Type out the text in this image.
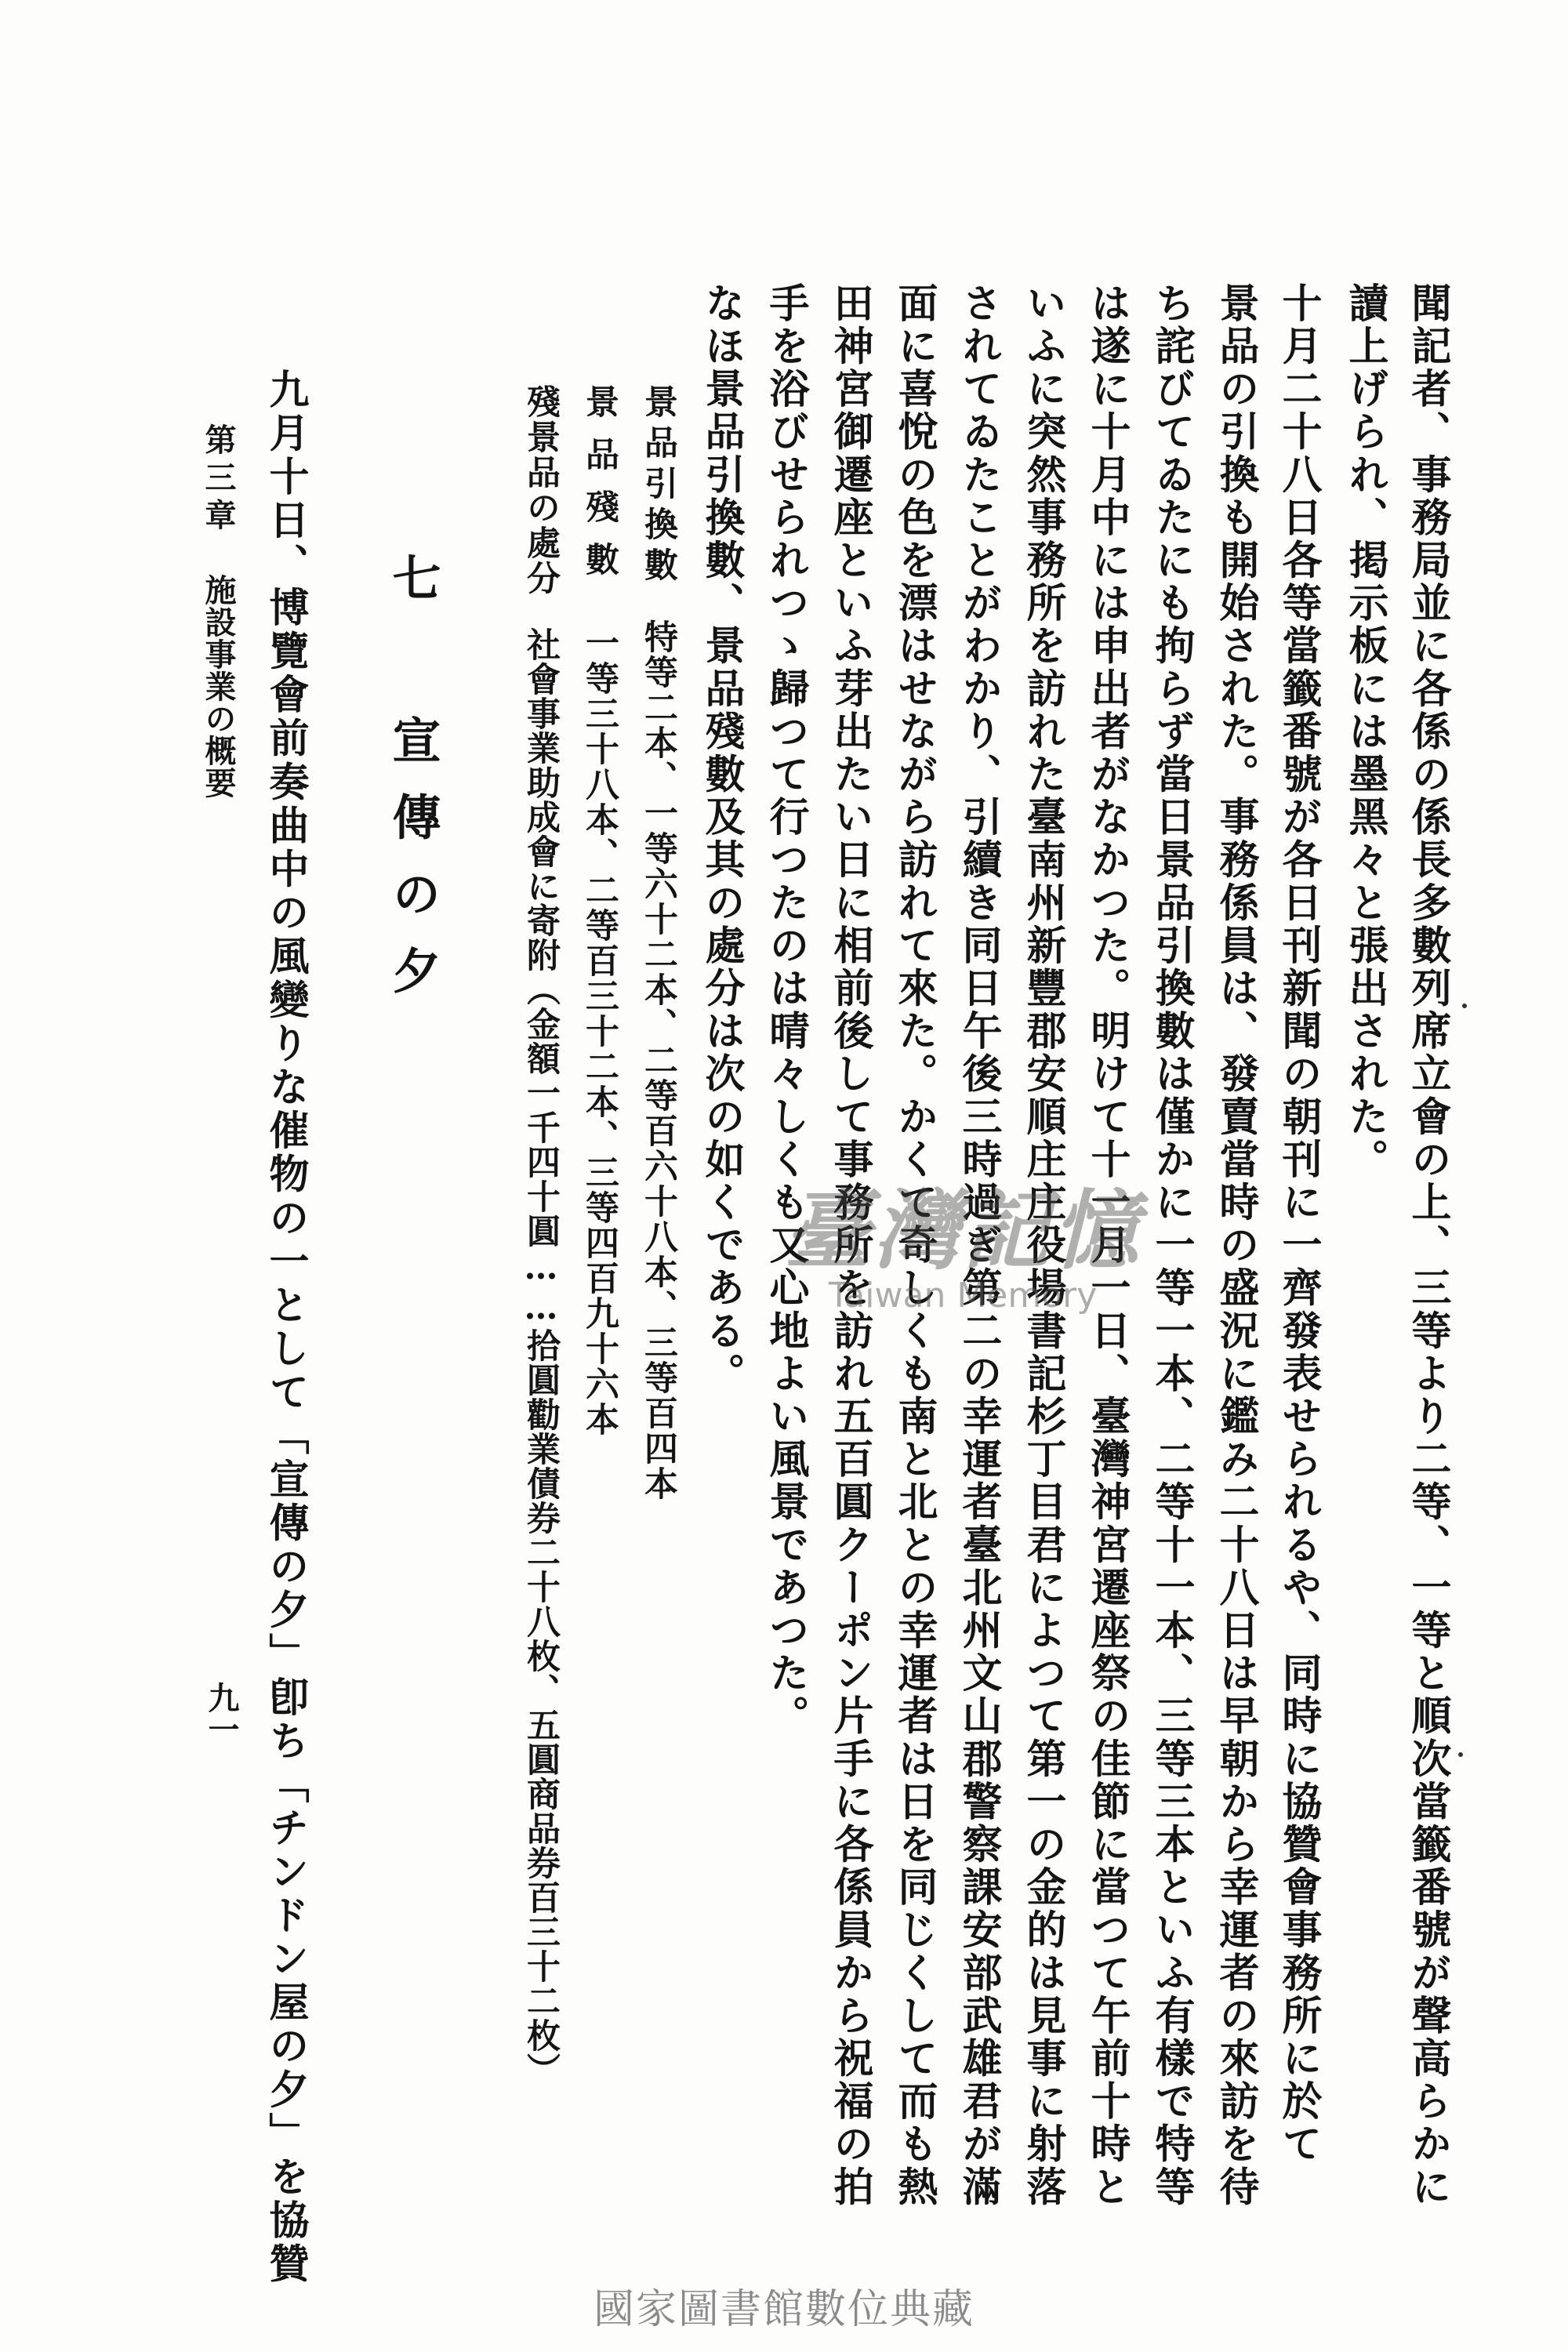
聞記者、事務局並に各係の係長多數列席立會の上、三等より二等、一等と順次當籤番號が聲高らかに
讀上げられ、掲示板には墨黑々と張出された。
十月二十八日各等當籤番號が各日刊新聞の朝刊に一齊發表せられるや、同時に協贊會事務所に於て
景品の引換も開始された。事務係員は、發賣當時の盛況に鑑み二十八日は早朝から幸運者の來訪を待
ち詫びてゐたにも拘らず當日景品引換數は僅かに一等一本、二等十一本、三等三本といふ有樣で特等
は遂に十月中には申出者がなかつた。明けて十一月一日、臺灣神宮遷座祭の佳節に當つて午前十時と
いふに突然事務所を訪れた臺南州新豐郡安順庄庄役場書記杉丁目君によつて第一の金的は見事に射落
されてゐたことがわかり、引續き同日午後三時過ぎ第二の幸運者臺北州文山郡警察課安部武雄君が滿
面に喜悅の色を漂はせながら訪れて來た。かくて奇しくも南と北との幸運者は日を同じくして而も熱
田神宮御遷座といふ芽出たい日に相前後して事務所を訪れ五百圓クーポン片手に各係員から祝福の拍
手を浴びせられつゝ歸つて行つたのは晴々しくも又心地よい風景であつた。
なほ景品引換數、景品殘數及其の處分は次の如くである。
景品引換數特等二本、一等六十二本、二等百六十八本、三等百四本
景品殘數一等三十八本、二等百三十二本、三等四百九十六本
殘景品の處分社會事業助成會に寄附（金額一千四十圓……拾圓勸業債券二十八枚、五圓商品券百三十二枚）
七 宣傳の夕
九月十日、博覽會前奏曲中の風變りな催物の一として「宣傳の夕」卽ち「チンドン屋の夕」を協贊
第三章施設事業の概要
九一
臺灣記憶
Taiwan Memory
國家圖書館數位典藏
